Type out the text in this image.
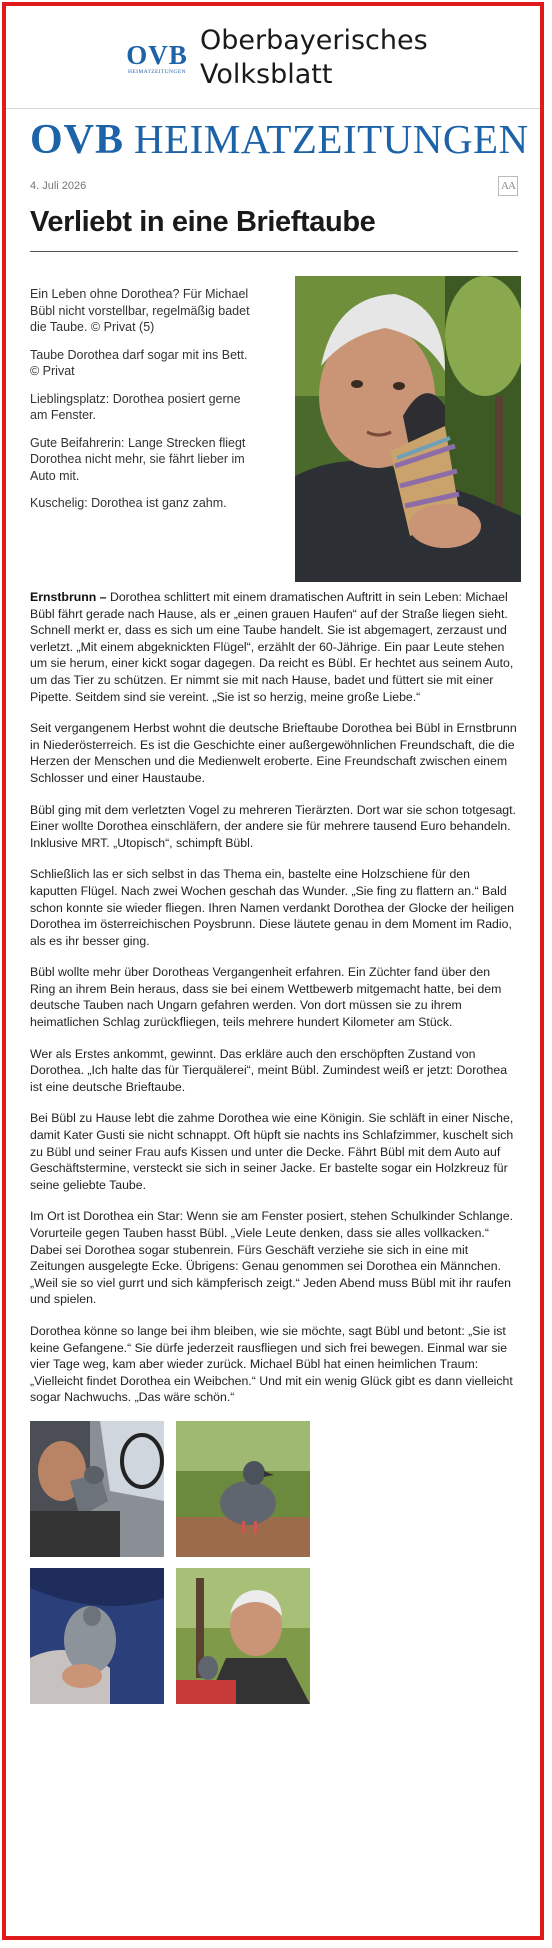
OVB
HEIMATZEITUNGEN
Oberbayerisches
Volksblatt
OVB HEIMATZEITUNGEN
4. Juli 2026	AA
Verliebt in eine Brieftaube

Ein Leben ohne Dorothea? Für Michael Bübl nicht vorstellbar, regelmäßig badet die Taube. © Privat (5)

Taube Dorothea darf sogar mit ins Bett. © Privat

Lieblingsplatz: Dorothea posiert gerne am Fenster.

Gute Beifahrerin: Lange Strecken fliegt Dorothea nicht mehr, sie fährt lieber im Auto mit.

Kuschelig: Dorothea ist ganz zahm.

Ernstbrunn – Dorothea schlittert mit einem dramatischen Auftritt in sein Leben: Michael Bübl fährt gerade nach Hause, als er „einen grauen Haufen“ auf der Straße liegen sieht. Schnell merkt er, dass es sich um eine Taube handelt. Sie ist abgemagert, zerzaust und verletzt. „Mit einem abgeknickten Flügel“, erzählt der 60-Jährige. Ein paar Leute stehen um sie herum, einer kickt sogar dagegen. Da reicht es Bübl. Er hechtet aus seinem Auto, um das Tier zu schützen. Er nimmt sie mit nach Hause, badet und füttert sie mit einer Pipette. Seitdem sind sie vereint. „Sie ist so herzig, meine große Liebe.“

Seit vergangenem Herbst wohnt die deutsche Brieftaube Dorothea bei Bübl in Ernstbrunn in Niederösterreich. Es ist die Geschichte einer außergewöhnlichen Freundschaft, die die Herzen der Menschen und die Medienwelt eroberte. Eine Freundschaft zwischen einem Schlosser und einer Haustaube.

Bübl ging mit dem verletzten Vogel zu mehreren Tierärzten. Dort war sie schon totgesagt. Einer wollte Dorothea einschläfern, der andere sie für mehrere tausend Euro behandeln. Inklusive MRT. „Utopisch“, schimpft Bübl.

Schließlich las er sich selbst in das Thema ein, bastelte eine Holzschiene für den kaputten Flügel. Nach zwei Wochen geschah das Wunder. „Sie fing zu flattern an.“ Bald schon konnte sie wieder fliegen. Ihren Namen verdankt Dorothea der Glocke der heiligen Dorothea im österreichischen Poysbrunn. Diese läutete genau in dem Moment im Radio, als es ihr besser ging.

Bübl wollte mehr über Dorotheas Vergangenheit erfahren. Ein Züchter fand über den Ring an ihrem Bein heraus, dass sie bei einem Wettbewerb mitgemacht hatte, bei dem deutsche Tauben nach Ungarn gefahren werden. Von dort müssen sie zu ihrem heimatlichen Schlag zurückfliegen, teils mehrere hundert Kilometer am Stück.

Wer als Erstes ankommt, gewinnt. Das erkläre auch den erschöpften Zustand von Dorothea. „Ich halte das für Tierquälerei“, meint Bübl. Zumindest weiß er jetzt: Dorothea ist eine deutsche Brieftaube.

Bei Bübl zu Hause lebt die zahme Dorothea wie eine Königin. Sie schläft in einer Nische, damit Kater Gusti sie nicht schnappt. Oft hüpft sie nachts ins Schlafzimmer, kuschelt sich zu Bübl und seiner Frau aufs Kissen und unter die Decke. Fährt Bübl mit dem Auto auf Geschäftstermine, versteckt sie sich in seiner Jacke. Er bastelte sogar ein Holzkreuz für seine geliebte Taube.

Im Ort ist Dorothea ein Star: Wenn sie am Fenster posiert, stehen Schulkinder Schlange. Vorurteile gegen Tauben hasst Bübl. „Viele Leute denken, dass sie alles vollkacken.“ Dabei sei Dorothea sogar stubenrein. Fürs Geschäft verziehe sie sich in eine mit Zeitungen ausgelegte Ecke. Übrigens: Genau genommen sei Dorothea ein Männchen. „Weil sie so viel gurrt und sich kämpferisch zeigt.“ Jeden Abend muss Bübl mit ihr raufen und spielen.

Dorothea könne so lange bei ihm bleiben, wie sie möchte, sagt Bübl und betont: „Sie ist keine Gefangene.“ Sie dürfe jederzeit rausfliegen und sich frei bewegen. Einmal war sie vier Tage weg, kam aber wieder zurück. Michael Bübl hat einen heimlichen Traum: „Vielleicht findet Dorothea ein Weibchen.“ Und mit ein wenig Glück gibt es dann vielleicht sogar Nachwuchs. „Das wäre schön.“
